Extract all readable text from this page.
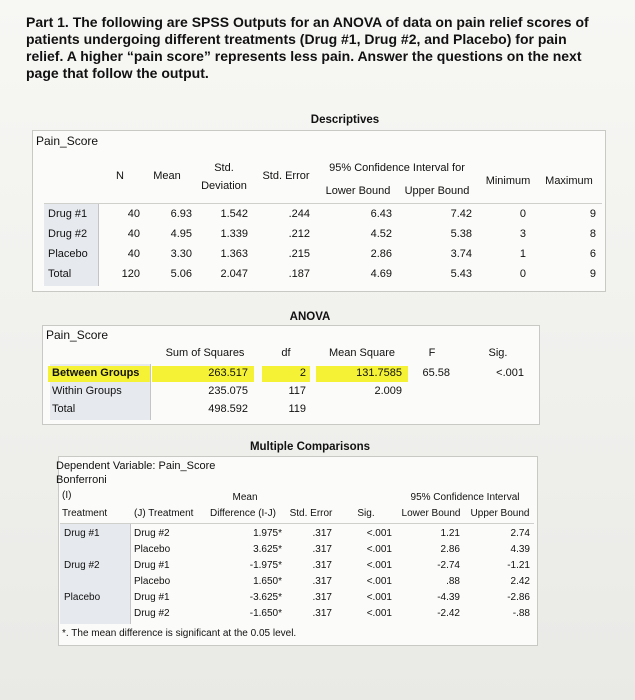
Part 1. The following are SPSS Outputs for an ANOVA of data on pain relief scores of patients undergoing different treatments (Drug #1, Drug #2, and Placebo) for pain relief. A higher “pain score” represents less pain. Answer the questions on the next page that follow the output.
Descriptives
Pain_Score
N	Mean
Std.
Deviation
Std. Error
95% Confidence Interval for
Lower Bound	Upper Bound
Minimum	Maximum
Drug #1	40	6.93	1.542	.244	6.43	7.42	0	9
Drug #2	40	4.95	1.339	.212	4.52	5.38	3	8
Placebo	40	3.30	1.363	.215	2.86	3.74	1	6
Total	120	5.06	2.047	.187	4.69	5.43	0	9
ANOVA
Pain_Score
Sum of Squares	df	Mean Square	F	Sig.
Between Groups	263.517	2	131.7585	65.58	<.001
Within Groups	235.075	117	2.009
Total	498.592	119
Multiple Comparisons
Dependent Variable: Pain_Score
Bonferroni
(I)
Treatment	(J) Treatment
Mean
Difference (I-J)	Std. Error	Sig.
95% Confidence Interval
Lower Bound	Upper Bound
Drug #1	Drug #2	1.975*	.317	<.001	1.21	2.74
Placebo	3.625*	.317	<.001	2.86	4.39
Drug #2	Drug #1	-1.975*	.317	<.001	-2.74	-1.21
Placebo	1.650*	.317	<.001	.88	2.42
Placebo	Drug #1	-3.625*	.317	<.001	-4.39	-2.86
Drug #2	-1.650*	.317	<.001	-2.42	-.88
*. The mean difference is significant at the 0.05 level.
